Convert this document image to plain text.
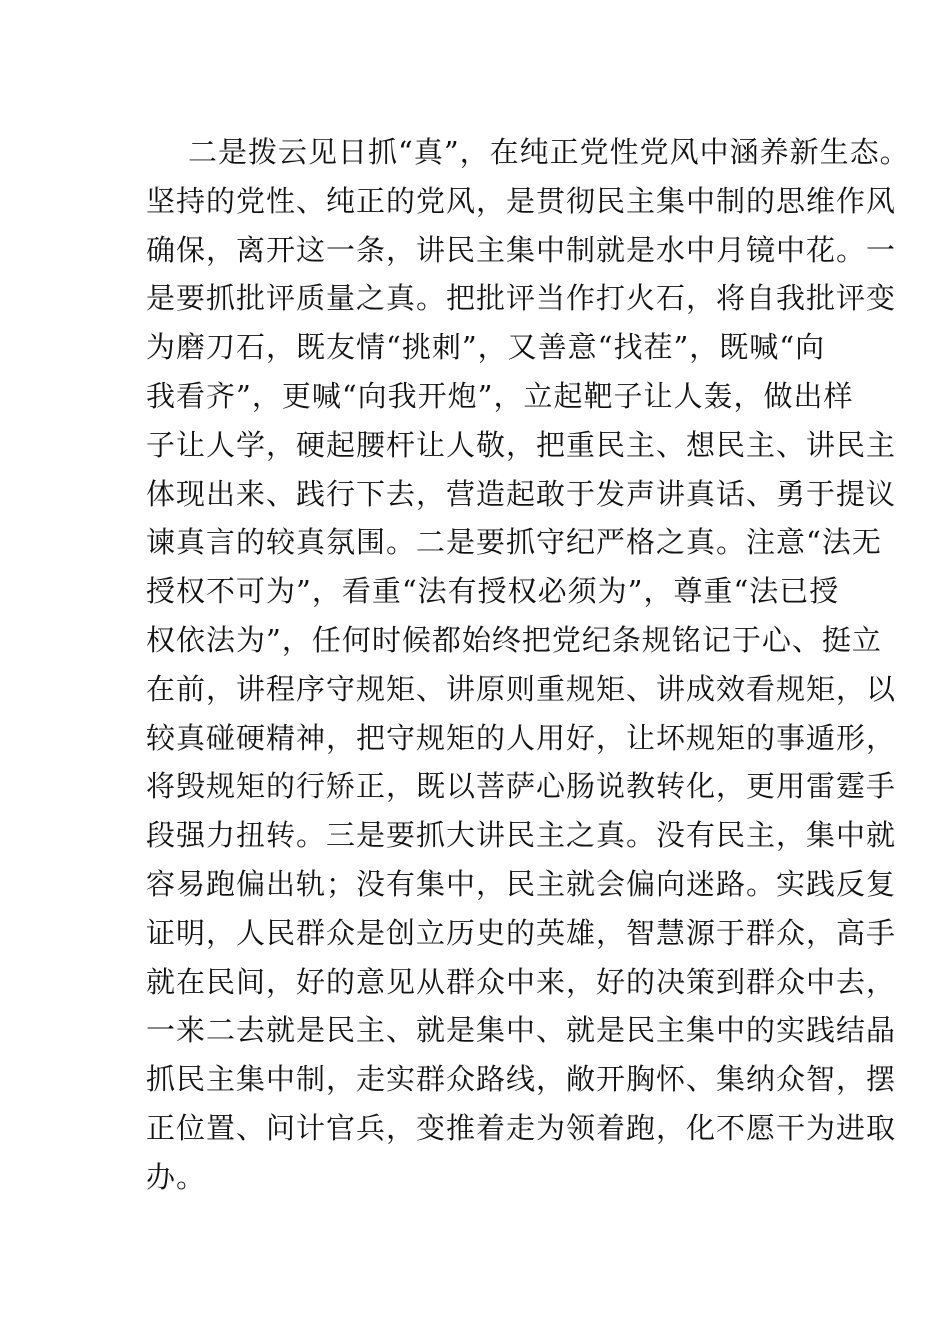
二是拨云见日抓“真”，在纯正党性党风中涵养新生态。
坚持的党性、纯正的党风，是贯彻民主集中制的思维作风
确保，离开这一条，讲民主集中制就是水中月镜中花。一
是要抓批评质量之真。把批评当作打火石，将自我批评变
为磨刀石，既友情“挑刺”，又善意“找茬”，既喊“向
我看齐”，更喊“向我开炮”，立起靶子让人轰，做出样
子让人学，硬起腰杆让人敬，把重民主、想民主、讲民主
体现出来、践行下去，营造起敢于发声讲真话、勇于提议
谏真言的较真氛围。二是要抓守纪严格之真。注意“法无
授权不可为”，看重“法有授权必须为”，尊重“法已授
权依法为”，任何时候都始终把党纪条规铭记于心、挺立
在前，讲程序守规矩、讲原则重规矩、讲成效看规矩，以
较真碰硬精神，把守规矩的人用好，让坏规矩的事遁形，
将毁规矩的行矫正，既以菩萨心肠说教转化，更用雷霆手
段强力扭转。三是要抓大讲民主之真。没有民主，集中就
容易跑偏出轨；没有集中，民主就会偏向迷路。实践反复
证明，人民群众是创立历史的英雄，智慧源于群众，高手
就在民间，好的意见从群众中来，好的决策到群众中去，
一来二去就是民主、就是集中、就是民主集中的实践结晶
抓民主集中制，走实群众路线，敞开胸怀、集纳众智，摆
正位置、问计官兵，变推着走为领着跑，化不愿干为进取
办。
